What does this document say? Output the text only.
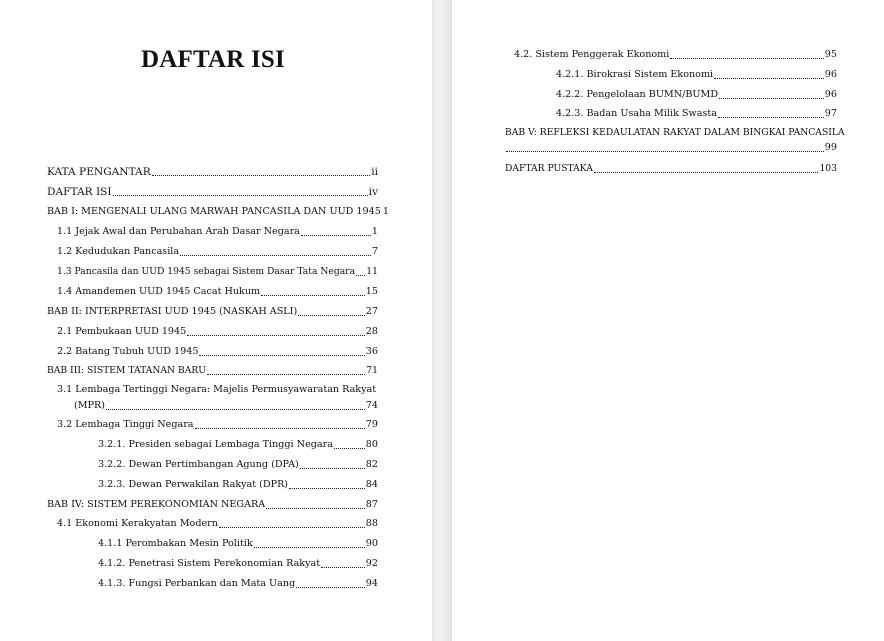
DAFTAR ISI
KATA PENGANTAR	ii
DAFTAR ISI	iv
BAB I: MENGENALI ULANG MARWAH PANCASILA DAN UUD 1945 1
1.1 Jejak Awal dan Perubahan Arah Dasar Negara	1
1.2 Kedudukan Pancasila	7
1.3 Pancasila dan UUD 1945 sebagai Sistem Dasar Tata Negara 11
1.4 Amandemen UUD 1945 Cacat Hukum	15
BAB II: INTERPRETASI UUD 1945 (NASKAH ASLI)	27
2.1 Pembukaan UUD 1945	28
2.2 Batang Tubuh UUD 1945	36
BAB III: SISTEM TATANAN BARU	71
3.1 Lembaga Tertinggi Negara: Majelis Permusyawaratan Rakyat
(MPR)	74
3.2 Lembaga Tinggi Negara	79
3.2.1. Presiden sebagai Lembaga Tinggi Negara	80
3.2.2. Dewan Pertimbangan Agung (DPA)	82
3.2.3. Dewan Perwakilan Rakyat (DPR)	84
BAB IV: SISTEM PEREKONOMIAN NEGARA	87
4.1 Ekonomi Kerakyatan Modern	88
4.1.1 Perombakan Mesin Politik	90
4.1.2. Penetrasi Sistem Perekonomian Rakyat	92
4.1.3. Fungsi Perbankan dan Mata Uang	94
4.2. Sistem Penggerak Ekonomi	95
4.2.1. Birokrasi Sistem Ekonomi	96
4.2.2. Pengelolaan BUMN/BUMD	96
4.2.3. Badan Usaha Milik Swasta	97
BAB V: REFLEKSI KEDAULATAN RAKYAT DALAM BINGKAI PANCASILA
99
DAFTAR PUSTAKA	103
